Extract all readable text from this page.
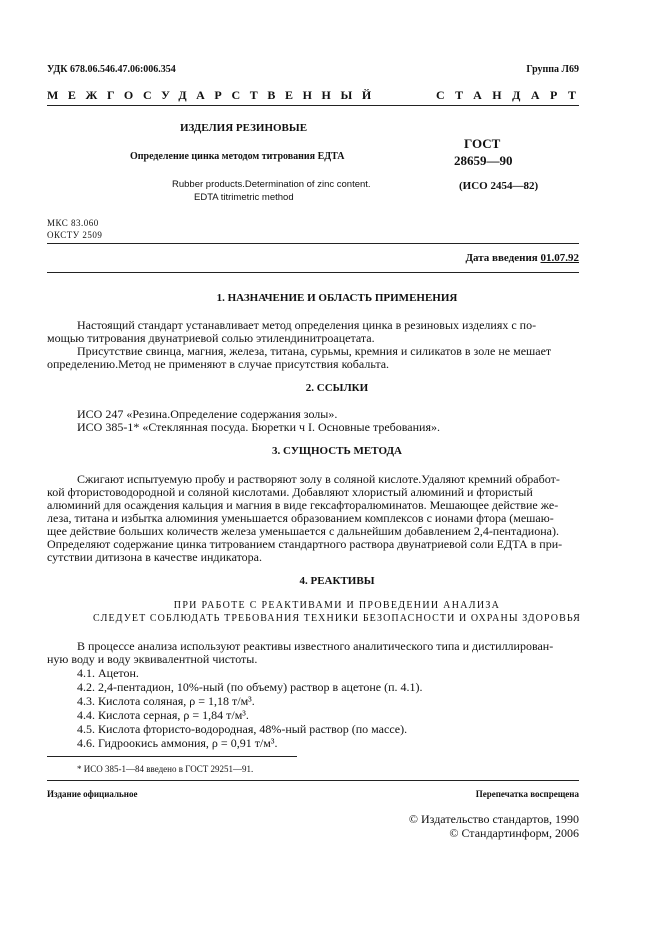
УДК 678.06.546.47.06:006.354	Группа Л69
МЕЖГОСУДАРСТВЕННЫЙ	СТАНДАРТ
ИЗДЕЛИЯ РЕЗИНОВЫЕ
Определение цинка методом титрования ЕДТА
Rubber products.Determination of zinc content.
EDTA titrimetric method
ГОСТ
28659—90
(ИСО 2454—82)
МКС 83.060
ОКСТУ 2509
Дата введения 01.07.92
1. НАЗНАЧЕНИЕ И ОБЛАСТЬ ПРИМЕНЕНИЯ
Настоящий стандарт устанавливает метод определения цинка в резиновых изделиях с по-
мощью титрования двунатриевой солью этилендинитроацетата.
Присутствие свинца, магния, железа, титана, сурьмы, кремния и силикатов в золе не мешает
определению.Метод не применяют в случае присутствия кобальта.
2. ССЫЛКИ
ИСО 247 «Резина.Определение содержания золы».
ИСО 385-1* «Стеклянная посуда. Бюретки ч I. Основные требования».
3. СУЩНОСТЬ МЕТОДА
Сжигают испытуемую пробу и растворяют золу в соляной кислоте.Удаляют кремний обработ-
кой фтористоводородной и соляной кислотами. Добавляют хлористый алюминий и фтористый
алюминий для осаждения кальция и магния в виде гексафторалюминатов. Мешающее действие же-
леза, титана и избытка алюминия уменьшается образованием комплексов с ионами фтора (мешаю-
щее действие больших количеств железа уменьшается с дальнейшим добавлением 2,4-пентадиона).
Определяют содержание цинка титрованием стандартного раствора двунатриевой соли ЕДТА в при-
сутствии дитизона в качестве индикатора.
4. РЕАКТИВЫ
ПРИ РАБОТЕ С РЕАКТИВАМИ И ПРОВЕДЕНИИ АНАЛИЗА
СЛЕДУЕТ СОБЛЮДАТЬ ТРЕБОВАНИЯ ТЕХНИКИ БЕЗОПАСНОСТИ И ОХРАНЫ ЗДОРОВЬЯ
В процессе анализа используют реактивы известного аналитического типа и дистиллирован-
ную воду и воду эквивалентной чистоты.
4.1. Ацетон.
4.2. 2,4-пентадион, 10%-ный (по объему) раствор в ацетоне (п. 4.1).
4.3. Кислота соляная, ρ = 1,18 т/м³.
4.4. Кислота серная, ρ = 1,84 т/м³.
4.5. Кислота фтористо-водородная, 48%-ный раствор (по массе).
4.6. Гидроокись аммония, ρ = 0,91 т/м³.
* ИСО 385-1—84 введено в ГОСТ 29251—91.
Издание официальное	Перепечатка воспрещена
© Издательство стандартов, 1990
© Стандартинформ, 2006
